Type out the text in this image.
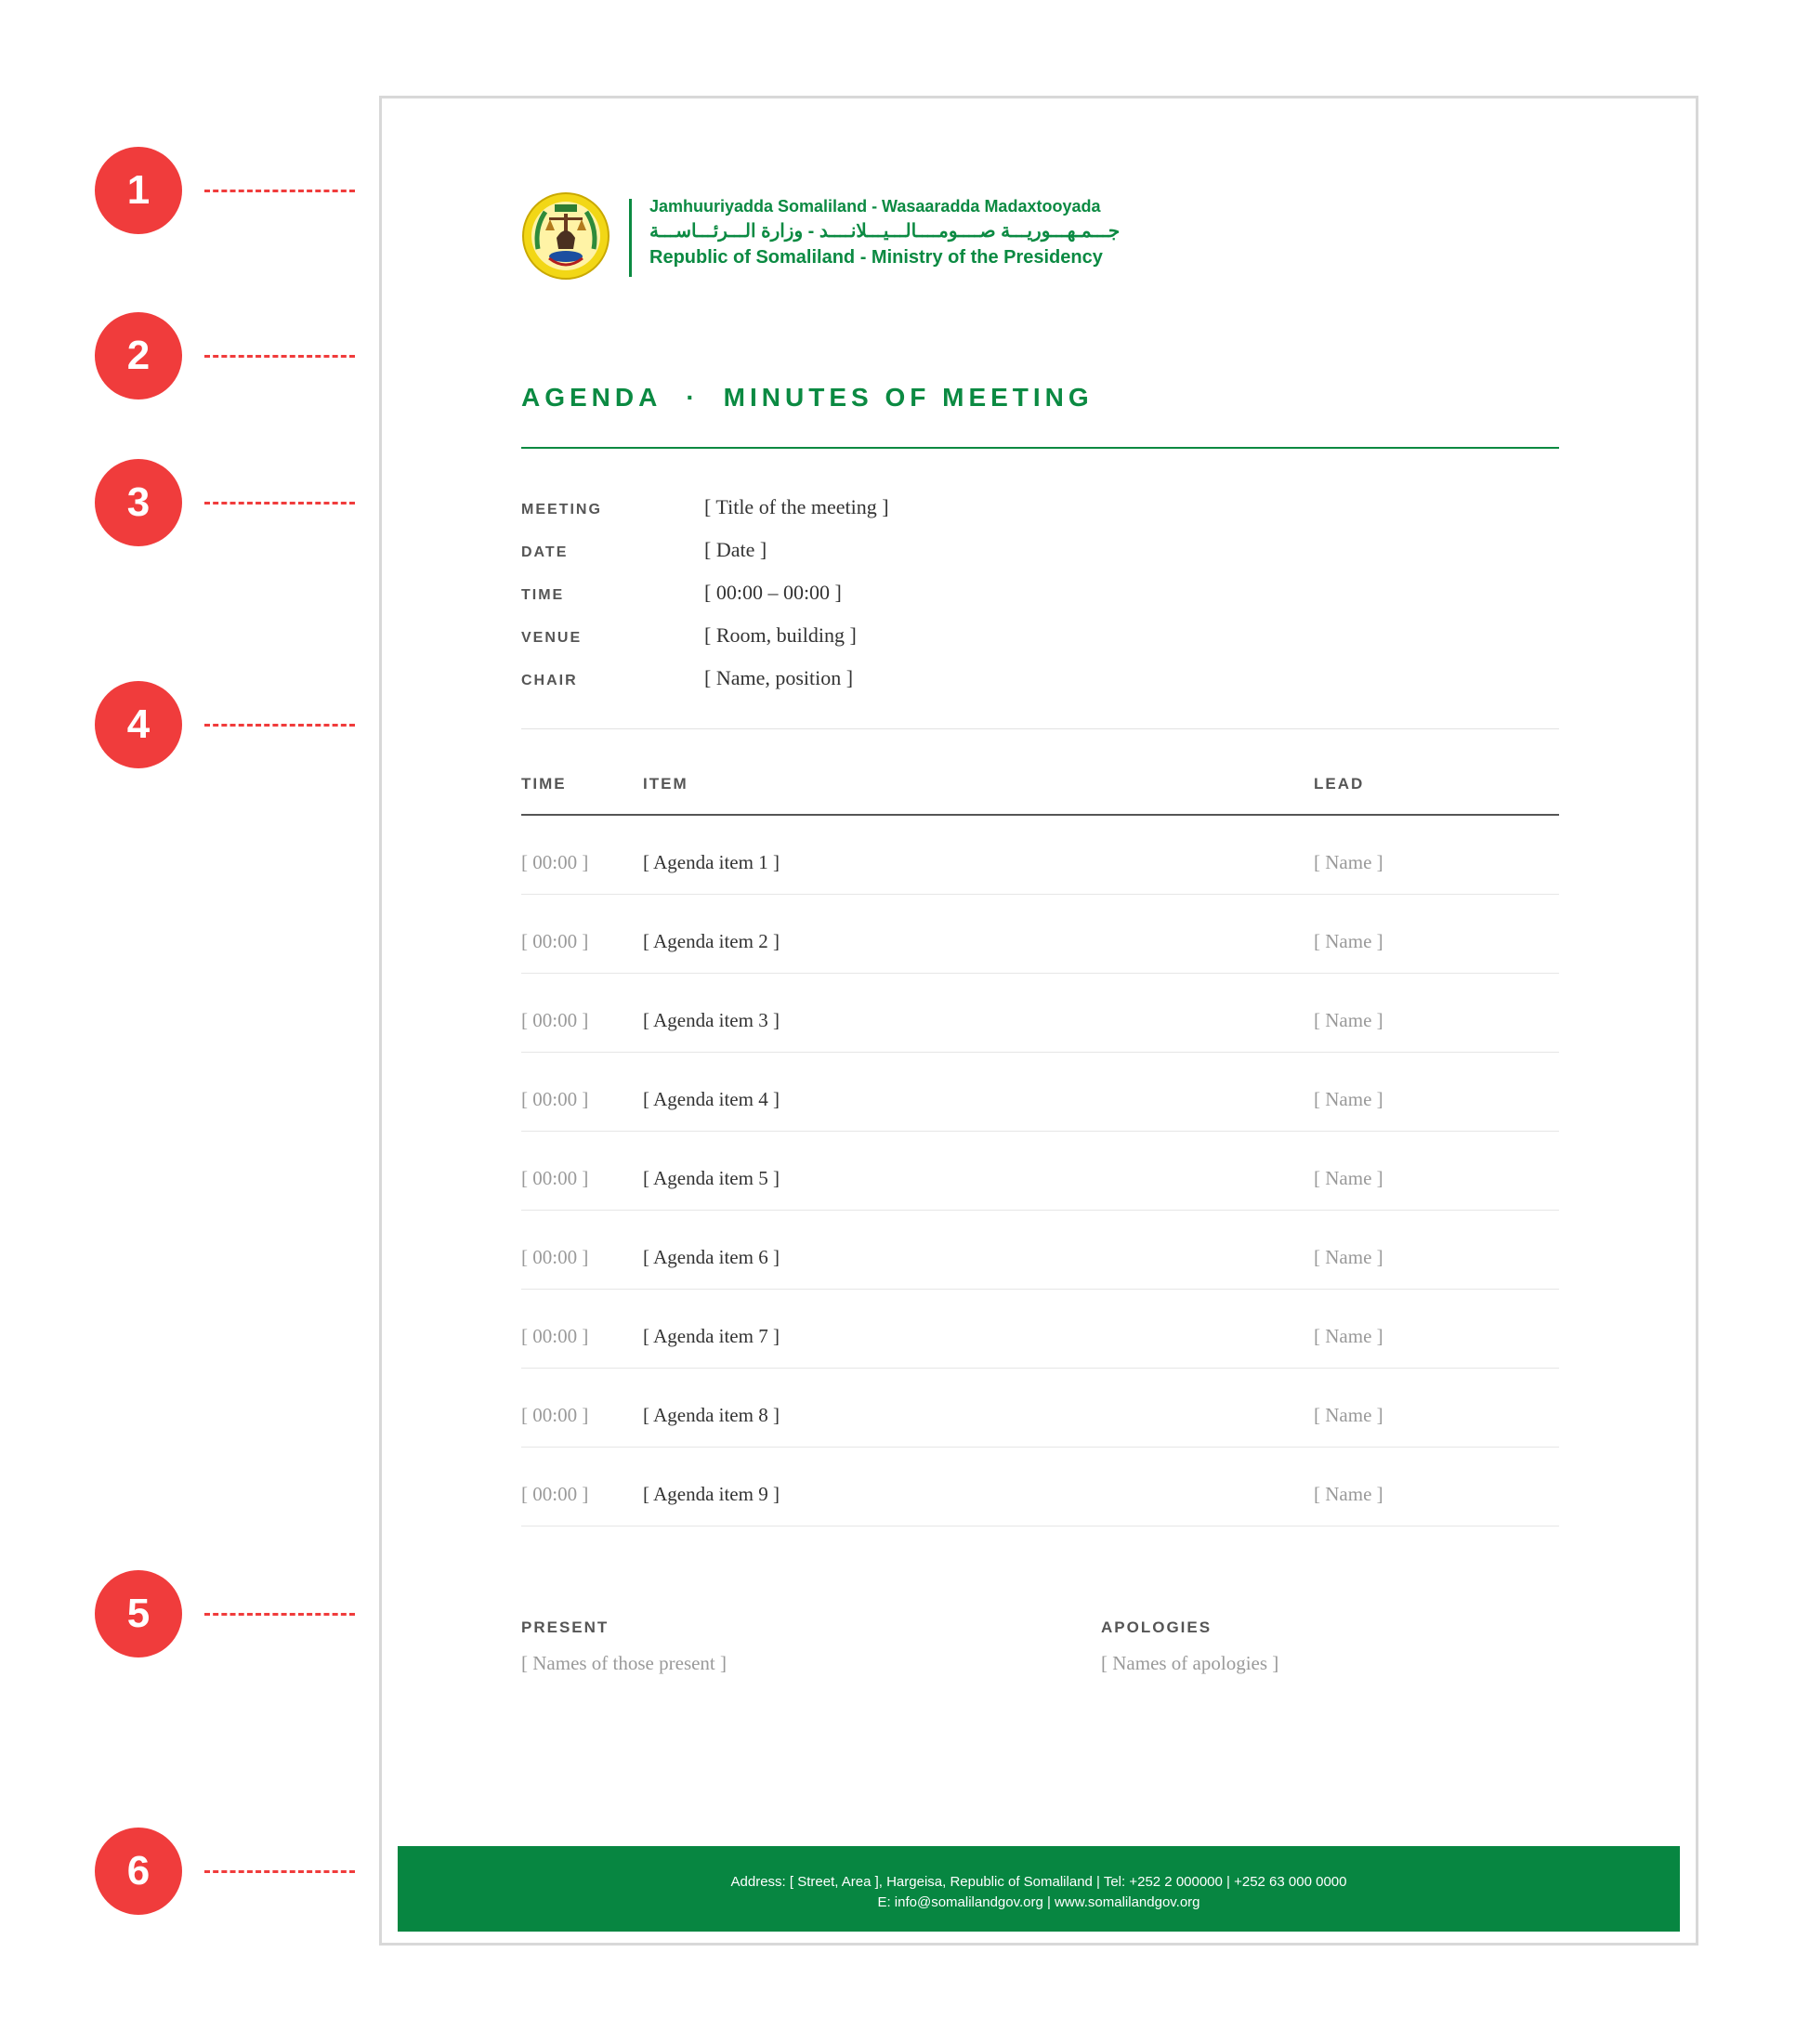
1
2
3
4
5
6
Jamhuuriyadda Somaliland - Wasaaradda Madaxtooyada
جـــمـهـــوريـــة صــــومــــالـــيـــلانــــد - وزارة الـــرئـــاســـة
Republic of Somaliland - Ministry of the Presidency
AGENDA · MINUTES OF MEETING
MEETING	[ Title of the meeting ]
DATE	[ Date ]
TIME	[ 00:00 – 00:00 ]
VENUE	[ Room, building ]
CHAIR	[ Name, position ]
TIME	ITEM	LEAD
[ 00:00 ]	[ Agenda item 1 ]	[ Name ]
[ 00:00 ]	[ Agenda item 2 ]	[ Name ]
[ 00:00 ]	[ Agenda item 3 ]	[ Name ]
[ 00:00 ]	[ Agenda item 4 ]	[ Name ]
[ 00:00 ]	[ Agenda item 5 ]	[ Name ]
[ 00:00 ]	[ Agenda item 6 ]	[ Name ]
[ 00:00 ]	[ Agenda item 7 ]	[ Name ]
[ 00:00 ]	[ Agenda item 8 ]	[ Name ]
[ 00:00 ]	[ Agenda item 9 ]	[ Name ]
PRESENT
[ Names of those present ]
APOLOGIES
[ Names of apologies ]
Address: [ Street, Area ], Hargeisa, Republic of Somaliland | Tel: +252 2 000000 | +252 63 000 0000
E: info@somalilandgov.org | www.somalilandgov.org
